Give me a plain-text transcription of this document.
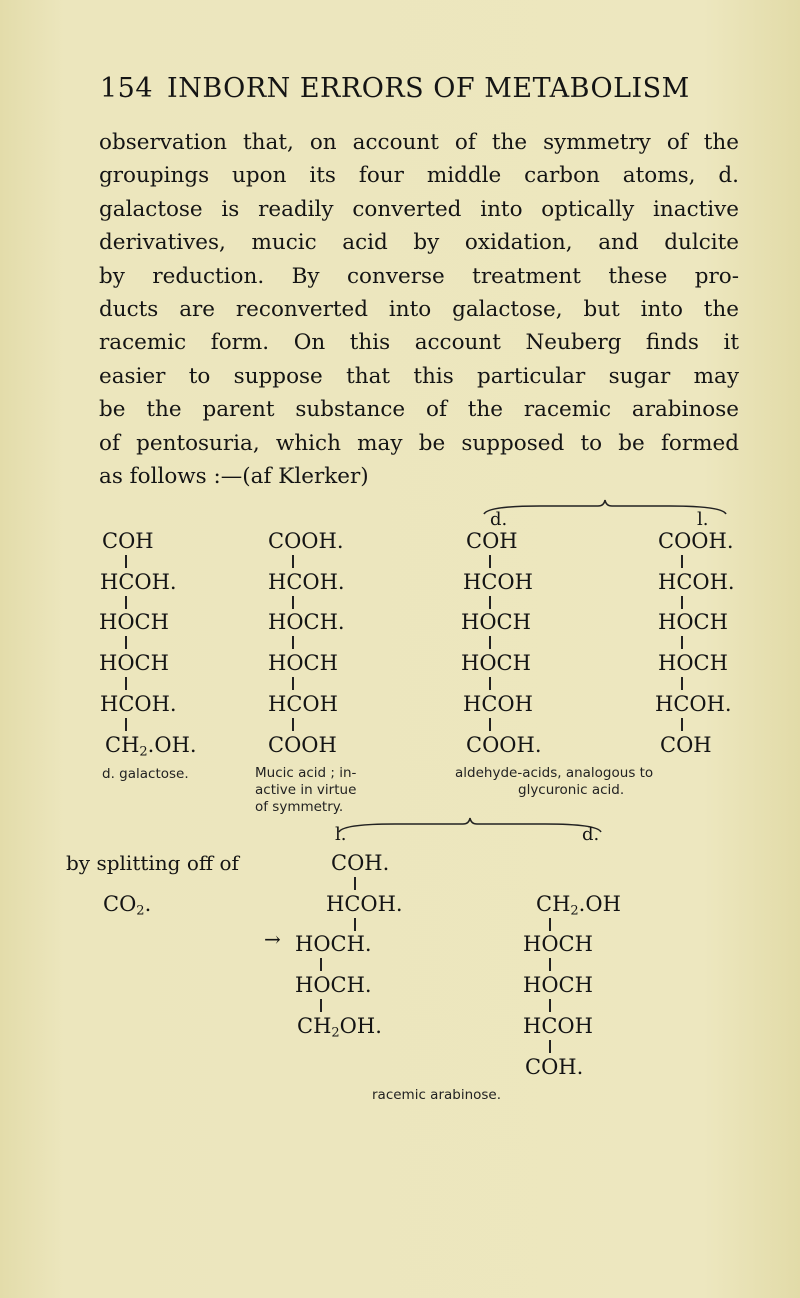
154 INBORN ERRORS OF METABOLISM
observation that, on account of the symmetry of the
groupings upon its four middle carbon atoms, d.
galactose is readily converted into optically inactive
derivatives, mucic acid by oxidation, and dulcite
by reduction. By converse treatment these pro-
ducts are reconverted into galactose, but into the
racemic form. On this account Neuberg finds it
easier to suppose that this particular sugar may
be the parent substance of the racemic arabinose
of pentosuria, which may be supposed to be formed
as follows :—(af Klerker)
COH
HCOH.
HOCH
HOCH
HCOH.
$CH_2.OH$.
d. galactose.
COOH.
HCOH.
HOCH.
HOCH
HCOH
COOH
Mucic acid ; in-
active in virtue
of symmetry.
d.	l.
COH
HCOH
HOCH
HOCH
HCOH
COOH.
COOH.
HCOH.
HOCH
HOCH
HCOH.
COH
aldehyde-acids, analogous to
glycuronic acid.
l.	d.
by splitting off of
$CO_2$.
→
COH.
HCOH.
HOCH.
HOCH.
$CH_2OH$.
$CH_2.OH$
HOCH
HOCH
HCOH
COH.
racemic arabinose.
